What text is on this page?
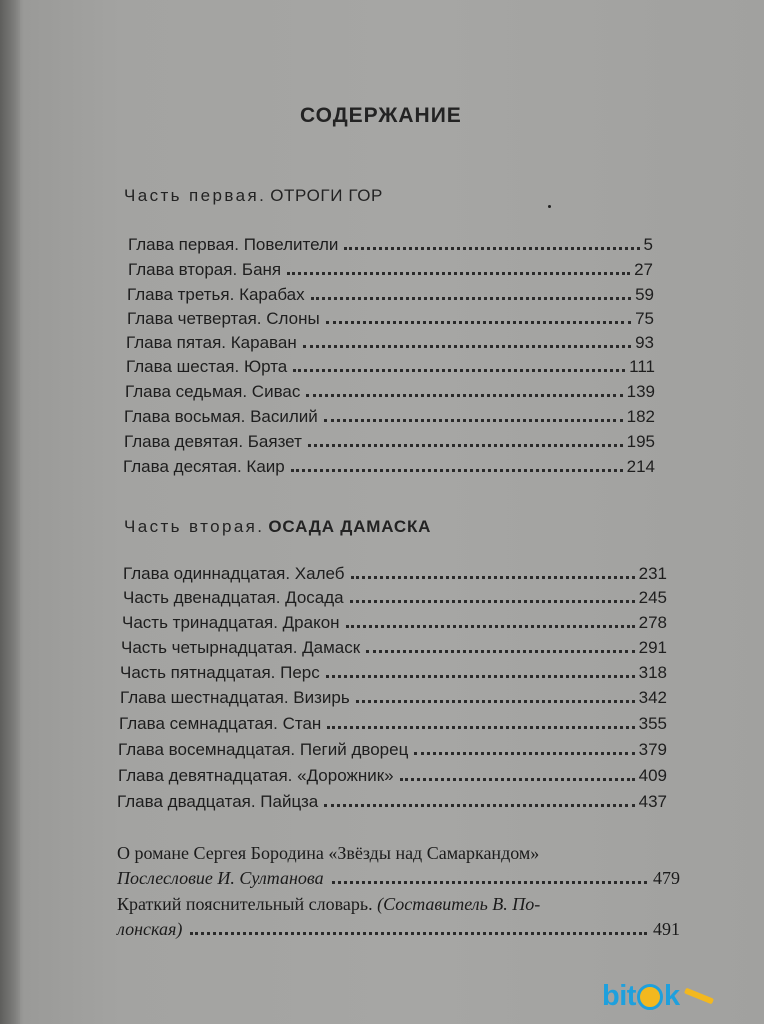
СОДЕРЖАНИЕ
Часть первая. ОТРОГИ ГОР
Глава первая. Повелители	5
Глава вторая. Баня	27
Глава третья. Карабах	59
Глава четвертая. Слоны	75
Глава пятая. Караван	93
Глава шестая. Юрта	111
Глава седьмая. Сивас	139
Глава восьмая. Василий	182
Глава девятая. Баязет	195
Глава десятая. Каир	214
Часть вторая. ОСАДА ДАМАСКА
Глава одиннадцатая. Халеб	231
Часть двенадцатая. Досада	245
Часть тринадцатая. Дракон	278
Часть четырнадцатая. Дамаск	291
Часть пятнадцатая. Перс	318
Глава шестнадцатая. Визирь	342
Глава семнадцатая. Стан	355
Глава восемнадцатая. Пегий дворец	379
Глава девятнадцатая. «Дорожник»	409
Глава двадцатая. Пайцза	437
О романе Сергея Бородина «Звёзды над Самаркандом»
Послесловие И. Султанова	479
Краткий пояснительный словарь. (Составитель В. По-
лонская)	491
bit k
